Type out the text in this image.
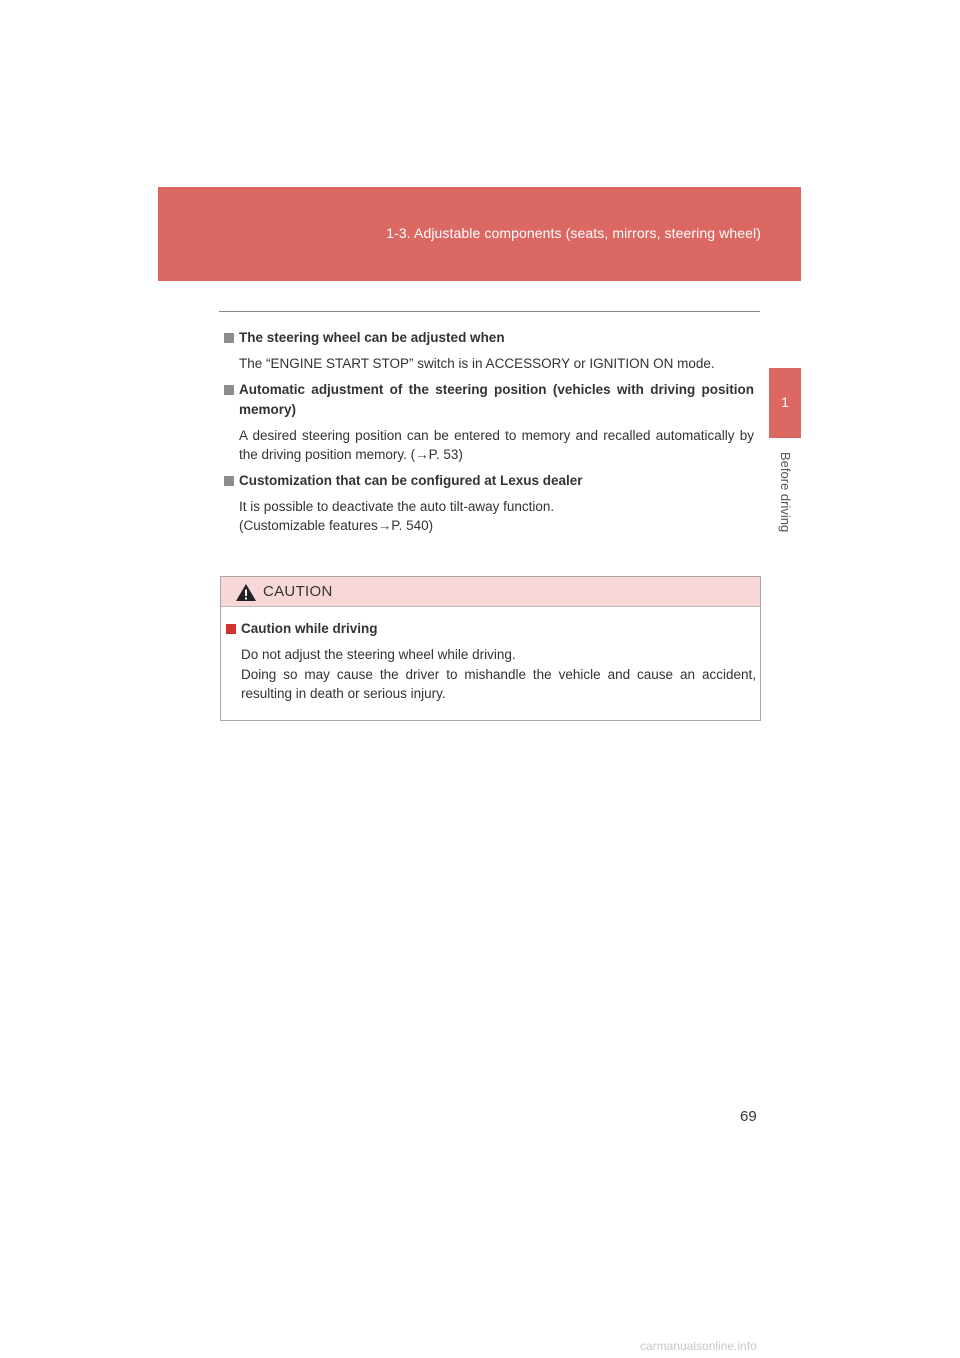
1-3. Adjustable components (seats, mirrors, steering wheel)
1
Before driving
The steering wheel can be adjusted when
The “ENGINE START STOP” switch is in ACCESSORY or IGNITION ON mode.
Automatic adjustment of the steering position (vehicles with driving position memory)
A desired steering position can be entered to memory and recalled automatically by the driving position memory. (→P. 53)
Customization that can be configured at Lexus dealer
It is possible to deactivate the auto tilt-away function.
(Customizable features→P. 540)
CAUTION
Caution while driving
Do not adjust the steering wheel while driving.
Doing so may cause the driver to mishandle the vehicle and cause an accident, resulting in death or serious injury.
69
carmanualsonline.info
